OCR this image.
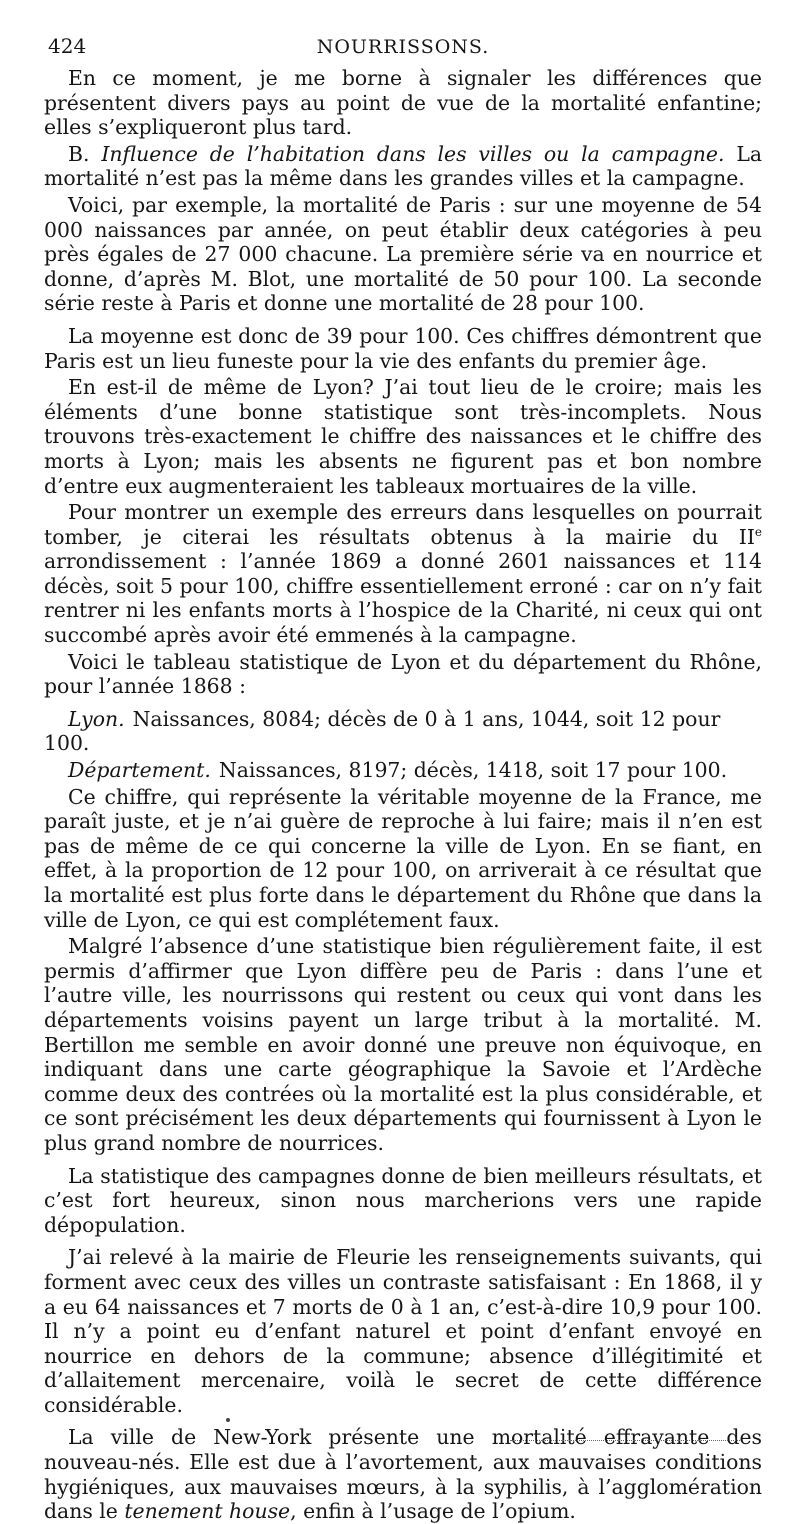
424	NOURRISSONS.

En ce moment, je me borne à signaler les différences que présentent divers pays au point de vue de la mortalité enfantine; elles s’expliqueront plus tard.

B. Influence de l’habitation dans les villes ou la campagne. La mortalité n’est pas la même dans les grandes villes et la campagne.

Voici, par exemple, la mortalité de Paris : sur une moyenne de 54 000 naissances par année, on peut établir deux catégories à peu près égales de 27 000 chacune. La première série va en nourrice et donne, d’après M. Blot, une mortalité de 50 pour 100. La seconde série reste à Paris et donne une mortalité de 28 pour 100.

La moyenne est donc de 39 pour 100. Ces chiffres démontrent que Paris est un lieu funeste pour la vie des enfants du premier âge.

En est-il de même de Lyon? J’ai tout lieu de le croire; mais les éléments d’une bonne statistique sont très-incomplets. Nous trouvons très-exactement le chiffre des naissances et le chiffre des morts à Lyon; mais les absents ne figurent pas et bon nombre d’entre eux augmenteraient les tableaux mortuaires de la ville.

Pour montrer un exemple des erreurs dans lesquelles on pourrait tomber, je citerai les résultats obtenus à la mairie du IIe arrondissement : l’année 1869 a donné 2601 naissances et 114 décès, soit 5 pour 100, chiffre essentiellement erroné : car on n’y fait rentrer ni les enfants morts à l’hospice de la Charité, ni ceux qui ont succombé après avoir été emmenés à la campagne.

Voici le tableau statistique de Lyon et du département du Rhône, pour l’année 1868 :

Lyon. Naissances, 8084; décès de 0 à 1 ans, 1044, soit 12 pour 100.

Département. Naissances, 8197; décès, 1418, soit 17 pour 100.

Ce chiffre, qui représente la véritable moyenne de la France, me paraît juste, et je n’ai guère de reproche à lui faire; mais il n’en est pas de même de ce qui concerne la ville de Lyon. En se fiant, en effet, à la proportion de 12 pour 100, on arriverait à ce résultat que la mortalité est plus forte dans le département du Rhône que dans la ville de Lyon, ce qui est complétement faux.

Malgré l’absence d’une statistique bien régulièrement faite, il est permis d’affirmer que Lyon diffère peu de Paris : dans l’une et l’autre ville, les nourrissons qui restent ou ceux qui vont dans les départements voisins payent un large tribut à la mortalité. M. Bertillon me semble en avoir donné une preuve non équivoque, en indiquant dans une carte géographique la Savoie et l’Ardèche comme deux des contrées où la mortalité est la plus considérable, et ce sont précisément les deux départements qui fournissent à Lyon le plus grand nombre de nourrices.

La statistique des campagnes donne de bien meilleurs résultats, et c’est fort heureux, sinon nous marcherions vers une rapide dépopulation.

J’ai relevé à la mairie de Fleurie les renseignements suivants, qui forment avec ceux des villes un contraste satisfaisant : En 1868, il y a eu 64 naissances et 7 morts de 0 à 1 an, c’est-à-dire 10,9 pour 100. Il n’y a point eu d’enfant naturel et point d’enfant envoyé en nourrice en dehors de la commune; absence d’illégitimité et d’allaitement mercenaire, voilà le secret de cette différence considérable.

La ville de New-York présente une mortalité effrayante des nouveau-nés. Elle est due à l’avortement, aux mauvaises conditions hygiéniques, aux mauvaises mœurs, à la syphilis, à l’agglomération dans le tenement house, enfin à l’usage de l’opium.
